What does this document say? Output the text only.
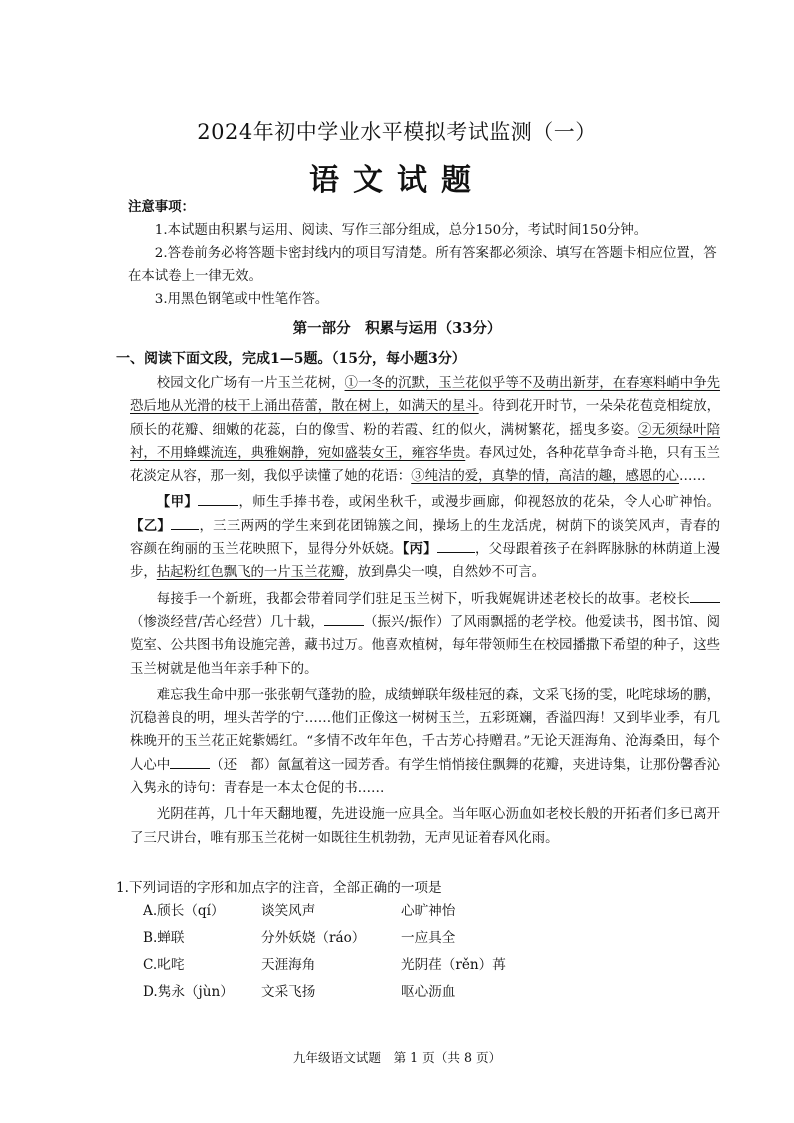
2024年初中学业水平模拟考试监测（一）
语文试题
注意事项：

1.本试题由积累与运用、阅读、写作三部分组成，总分150分，考试时间150分钟。

2.答卷前务必将答题卡密封线内的项目写清楚。所有答案都必须涂、填写在答题卡相应位置，答在本试卷上一律无效。

3.用黑色钢笔或中性笔作答。

第一部分　积累与运用（33分）
一、阅读下面文段，完成1—5题。（15分，每小题3分）

校园文化广场有一片玉兰花树，①一冬的沉默，玉兰花似乎等不及萌出新芽，在春寒料峭中争先恐后地从光滑的枝干上涌出蓓蕾，散在树上，如满天的星斗。待到花开时节，一朵朵花苞竞相绽放，颀长的花瓣、细嫩的花蕊，白的像雪、粉的若霞、红的似火，满树繁花，摇曳多姿。②无须绿叶陪衬，不用蜂蝶流连，典雅娴静，宛如盛装女王，雍容华贵。春风过处，各种花草争奇斗艳，只有玉兰花淡定从容，那一刻，我似乎读懂了她的花语：③纯洁的爱，真挚的情，高洁的趣，感恩的心……

【甲】	，师生手捧书卷，或闲坐秋千，或漫步画廊，仰视怒放的花朵，令人心旷神怡。【乙】 ，三三两两的学生来到花团锦簇之间，操场上的生龙活虎，树荫下的谈笑风声，青春的容颜在绚丽的玉兰花映照下，显得分外妖娆。【丙】	，父母跟着孩子在斜晖脉脉的林荫道上漫步，拈起粉红色飘飞的一片玉兰花瓣，放到鼻尖一嗅，自然妙不可言。

每接手一个新班，我都会带着同学们驻足玉兰树下，听我娓娓讲述老校长的故事。老校长（惨淡经营/苦心经营）几十载，	（振兴/振作）了风雨飘摇的老学校。他爱读书，图书馆、阅览室、公共图书角设施完善，藏书过万。他喜欢植树，每年带领师生在校园播撒下希望的种子，这些玉兰树就是他当年亲手种下的。

难忘我生命中那一张张朝气蓬勃的脸，成绩蝉联年级桂冠的森，文采飞扬的雯，叱咤球场的鹏，沉稳善良的明，埋头苦学的宁……他们正像这一树树玉兰，五彩斑斓，香溢四海！又到毕业季，有几株晚开的玉兰花正姹紫嫣红。“多情不改年年色，千古芳心持赠君。”无论天涯海角、沧海桑田，每个人心中	（还　都）氤氲着这一园芳香。有学生悄悄接住飘舞的花瓣，夹进诗集，让那份馨香沁入隽永的诗句：青春是一本太仓促的书……

光阴荏苒，几十年天翻地覆，先进设施一应具全。当年呕心沥血如老校长般的开拓者们多已离开了三尺讲台，唯有那玉兰花树一如既往生机勃勃，无声见证着春风化雨。

1.下列词语的字形和加点字的注音，全部正确的一项是
A.颀长（qí）	谈笑风声	心旷神怡
B.蝉联	分外妖娆（ráo）	一应具全
C.叱咤	天涯海角	光阴荏（rěn）苒
D.隽永（jùn）	文采飞扬	呕心沥血
九年级语文试题　第 1 页（共 8 页）
